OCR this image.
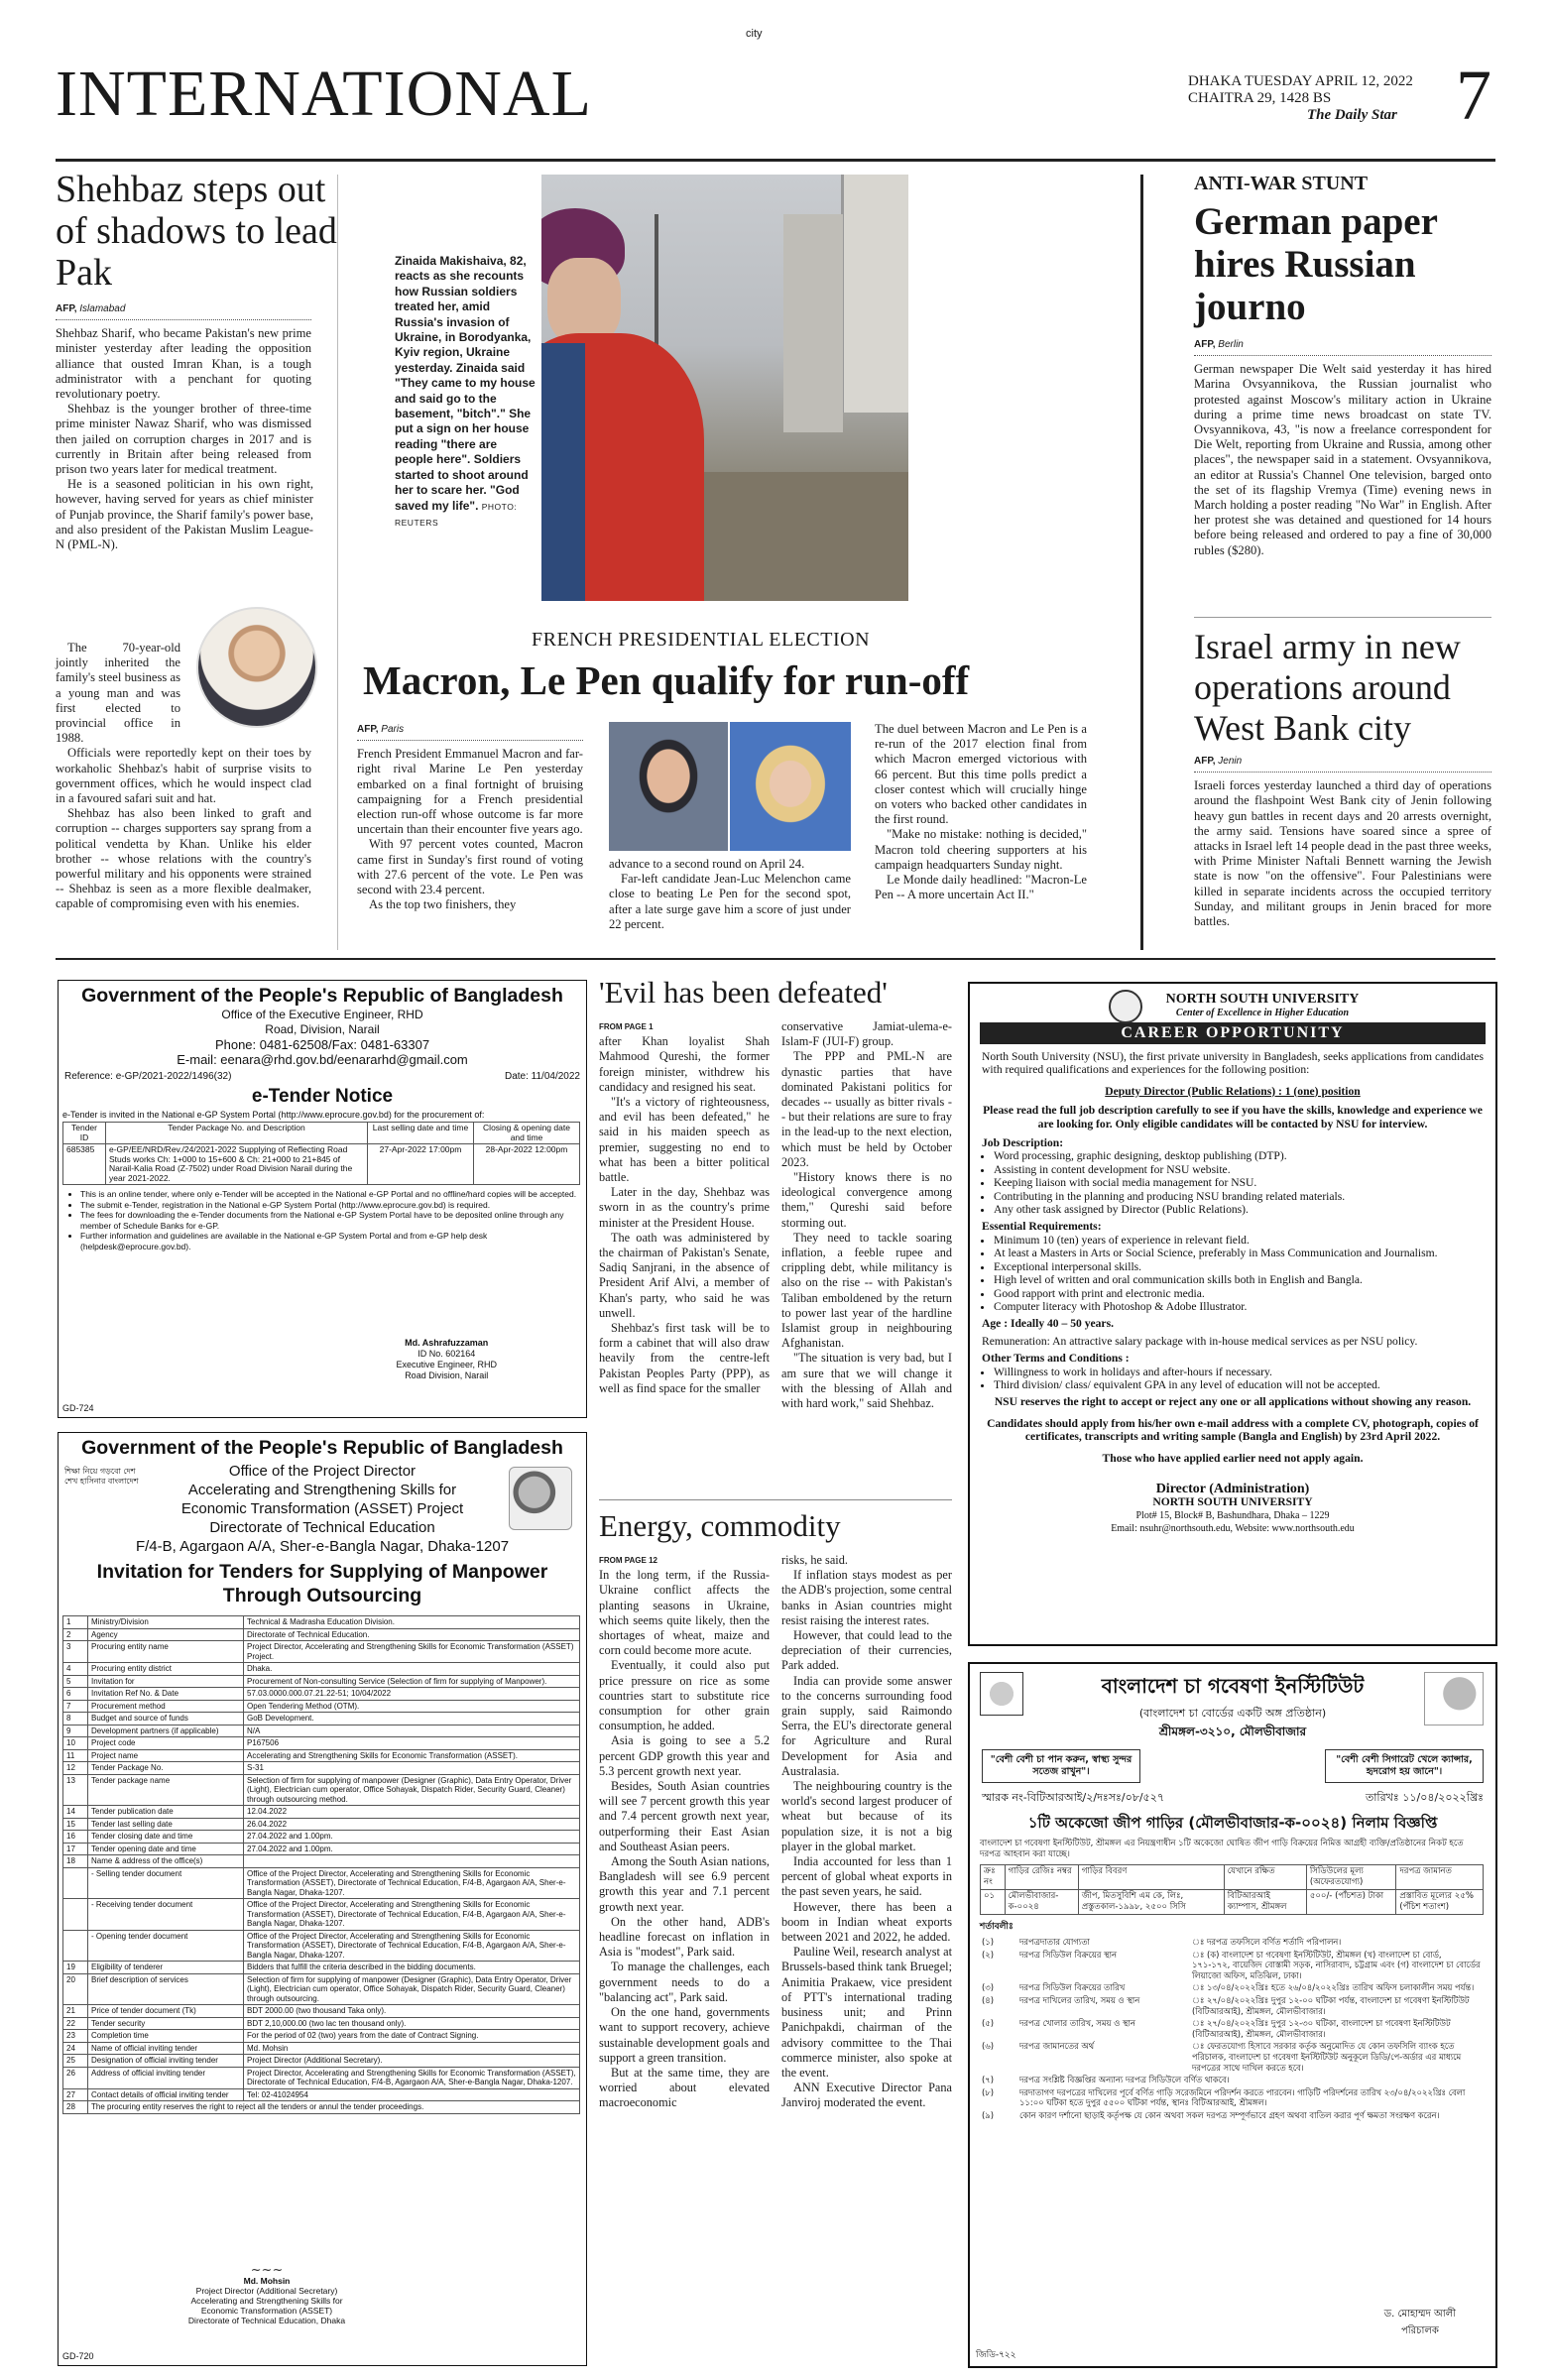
city
INTERNATIONAL	DHAKA TUESDAY APRIL 12, 2022
CHAITRA 29, 1428 BS
The Daily Star 7
Shehbaz steps out of shadows to lead Pak
AFP, Islamabad

Shehbaz Sharif, who became Pakistan's new prime minister yesterday after leading the opposition alliance that ousted Imran Khan, is a tough administrator with a penchant for quoting revolutionary poetry.

Shehbaz is the younger brother of three-time prime minister Nawaz Sharif, who was dismissed then jailed on corruption charges in 2017 and is currently in Britain after being released from prison two years later for medical treatment.

He is a seasoned politician in his own right, however, having served for years as chief minister of Punjab province, the Sharif family's power base, and also president of the Pakistan Muslim League-N (PML-N).

The 70-year-old jointly inherited the family's steel business as a young man and was first elected to provincial office in 1988.

Officials were reportedly kept on their toes by workaholic Shehbaz's habit of surprise visits to government offices, which he would inspect clad in a favoured safari suit and hat.

Shehbaz has also been linked to graft and corruption -- charges supporters say sprang from a political vendetta by Khan. Unlike his elder brother -- whose relations with the country's powerful military and his opponents were strained -- Shehbaz is seen as a more flexible dealmaker, capable of compromising even with his enemies.

Zinaida Makishaiva, 82, reacts as she recounts how Russian soldiers treated her, amid Russia's invasion of Ukraine, in Borodyanka, Kyiv region, Ukraine yesterday. Zinaida said "They came to my house and said go to the basement, "bitch"." She put a sign on her house reading "there are people here". Soldiers started to shoot around her to scare her. "God saved my life". PHOTO: REUTERS
FRENCH PRESIDENTIAL ELECTION
Macron, Le Pen qualify for run-off
AFP, Paris

French President Emmanuel Macron and far-right rival Marine Le Pen yesterday embarked on a final fortnight of bruising campaigning for a French presidential election run-off whose outcome is far more uncertain than their encounter five years ago.

With 97 percent votes counted, Macron came first in Sunday's first round of voting with 27.6 percent of the vote. Le Pen was second with 23.4 percent.

As the top two finishers, they

advance to a second round on April 24.

Far-left candidate Jean-Luc Melenchon came close to beating Le Pen for the second spot, after a late surge gave him a score of just under 22 percent.

The duel between Macron and Le Pen is a re-run of the 2017 election final from which Macron emerged victorious with 66 percent. But this time polls predict a closer contest which will crucially hinge on voters who backed other candidates in the first round.

"Make no mistake: nothing is decided," Macron told cheering supporters at his campaign headquarters Sunday night.

Le Monde daily headlined: "Macron-Le Pen -- A more uncertain Act II."

ANTI-WAR STUNT
German paper hires Russian journo
AFP, Berlin

German newspaper Die Welt said yesterday it has hired Marina Ovsyannikova, the Russian journalist who protested against Moscow's military action in Ukraine during a prime time news broadcast on state TV. Ovsyannikova, 43, "is now a freelance correspondent for Die Welt, reporting from Ukraine and Russia, among other places", the newspaper said in a statement. Ovsyannikova, an editor at Russia's Channel One television, barged onto the set of its flagship Vremya (Time) evening news in March holding a poster reading "No War" in English. After her protest she was detained and questioned for 14 hours before being released and ordered to pay a fine of 30,000 rubles ($280).

Israel army in new operations around West Bank city
AFP, Jenin

Israeli forces yesterday launched a third day of operations around the flashpoint West Bank city of Jenin following heavy gun battles in recent days and 20 arrests overnight, the army said. Tensions have soared since a spree of attacks in Israel left 14 people dead in the past three weeks, with Prime Minister Naftali Bennett warning the Jewish state is now "on the offensive". Four Palestinians were killed in separate incidents across the occupied territory Sunday, and militant groups in Jenin braced for more battles.

Government of the People's Republic of Bangladesh
Office of the Executive Engineer, RHD
Road, Division, Narail
Phone: 0481-62508/Fax: 0481-63307
E-mail: eenara@rhd.gov.bd/eenararhd@gmail.com
Reference: e-GP/2021-2022/1496(32)	Date: 11/04/2022
e-Tender Notice
e-Tender is invited in the National e-GP System Portal (http://www.eprocure.gov.bd) for the procurement of:
Tender ID	Tender Package No. and Description	Last selling date and time	Closing & opening date and time
685385	e-GP/EE/NRD/Rev./24/2021-2022 Supplying of Reflecting Road Studs works Ch: 1+000 to 15+600 & Ch: 21+000 to 21+845 of Narail-Kalia Road (Z-7502) under Road Division Narail during the year 2021-2022.	27-Apr-2022 17:00pm	28-Apr-2022 12:00pm
• This is an online tender, where only e-Tender will be accepted in the National e-GP Portal and no offline/hard copies will be accepted.
• The submit e-Tender, registration in the National e-GP System Portal (http://www.eprocure.gov.bd) is required.
• The fees for downloading the e-Tender documents from the National e-GP System Portal have to be deposited online through any member of Schedule Banks for e-GP.
• Further information and guidelines are available in the National e-GP System Portal and from e-GP help desk (helpdesk@eprocure.gov.bd).
Md. Ashrafuzzaman
ID No. 602164
Executive Engineer, RHD
Road Division, Narail
GD-724
Government of the People's Republic of Bangladesh
শিক্ষা নিয়ে গড়বো দেশ শেখ হাসিনার বাংলাদেশ
Office of the Project Director
Accelerating and Strengthening Skills for
Economic Transformation (ASSET) Project
Directorate of Technical Education
F/4-B, Agargaon A/A, Sher-e-Bangla Nagar, Dhaka-1207
Invitation for Tenders for Supplying of Manpower
Through Outsourcing
1	Ministry/Division	Technical & Madrasha Education Division.
2	Agency	Directorate of Technical Education.
3	Procuring entity name	Project Director, Accelerating and Strengthening Skills for Economic Transformation (ASSET) Project.
4	Procuring entity district	Dhaka.
5	Invitation for	Procurement of Non-consulting Service (Selection of firm for supplying of Manpower).
6	Invitation Ref No. & Date	57.03.0000.000.07.21.22-51; 10/04/2022
7	Procurement method	Open Tendering Method (OTM).
8	Budget and source of funds	GoB Development.
9	Development partners (if applicable)	N/A
10	Project code	P167506
11	Project name	Accelerating and Strengthening Skills for Economic Transformation (ASSET).
12	Tender Package No.	S-31
13	Tender package name	Selection of firm for supplying of manpower (Designer (Graphic), Data Entry Operator, Driver (Light), Electrician cum operator, Office Sohayak, Dispatch Rider, Security Guard, Cleaner) through outsourcing method.
14	Tender publication date	12.04.2022
15	Tender last selling date	26.04.2022
16	Tender closing date and time	27.04.2022 and 1.00pm.
17	Tender opening date and time	27.04.2022 and 1.00pm.
18	Name & address of the office(s)	
	- Selling tender document	Office of the Project Director, Accelerating and Strengthening Skills for Economic Transformation (ASSET), Directorate of Technical Education, F/4-B, Agargaon A/A, Sher-e-Bangla Nagar, Dhaka-1207.
	- Receiving tender document	Office of the Project Director, Accelerating and Strengthening Skills for Economic Transformation (ASSET), Directorate of Technical Education, F/4-B, Agargaon A/A, Sher-e-Bangla Nagar, Dhaka-1207.
	- Opening tender document	Office of the Project Director, Accelerating and Strengthening Skills for Economic Transformation (ASSET), Directorate of Technical Education, F/4-B, Agargaon A/A, Sher-e-Bangla Nagar, Dhaka-1207.
19	Eligibility of tenderer	Bidders that fulfill the criteria described in the bidding documents.
20	Brief description of services	Selection of firm for supplying of manpower (Designer (Graphic), Data Entry Operator, Driver (Light), Electrician cum operator, Office Sohayak, Dispatch Rider, Security Guard, Cleaner) through outsourcing.
21	Price of tender document (Tk)	BDT 2000.00 (two thousand Taka only).
22	Tender security	BDT 2,10,000.00 (two lac ten thousand only).
23	Completion time	For the period of 02 (two) years from the date of Contract Signing.
24	Name of official inviting tender	Md. Mohsin
25	Designation of official inviting tender	Project Director (Additional Secretary).
26	Address of official inviting tender	Project Director, Accelerating and Strengthening Skills for Economic Transformation (ASSET), Directorate of Technical Education, F/4-B, Agargaon A/A, Sher-e-Bangla Nagar, Dhaka-1207.
27	Contact details of official inviting tender	Tel: 02-41024954
28	The procuring entity reserves the right to reject all the tenders or annul the tender proceedings.	
~~~
Md. Mohsin
Project Director (Additional Secretary)
Accelerating and Strengthening Skills for
Economic Transformation (ASSET)
Directorate of Technical Education, Dhaka
GD-720
'Evil has been defeated'
FROM PAGE 1

after Khan loyalist Shah Mahmood Qureshi, the former foreign minister, withdrew his candidacy and resigned his seat.

"It's a victory of righteousness, and evil has been defeated," he said in his maiden speech as premier, suggesting no end to what has been a bitter political battle.

Later in the day, Shehbaz was sworn in as the country's prime minister at the President House.

The oath was administered by the chairman of Pakistan's Senate, Sadiq Sanjrani, in the absence of President Arif Alvi, a member of Khan's party, who said he was unwell.

Shehbaz's first task will be to form a cabinet that will also draw heavily from the centre-left Pakistan Peoples Party (PPP), as well as find space for the smaller

conservative Jamiat-ulema-e-Islam-F (JUI-F) group.

The PPP and PML-N are dynastic parties that have dominated Pakistani politics for decades -- usually as bitter rivals -- but their relations are sure to fray in the lead-up to the next election, which must be held by October 2023.

"History knows there is no ideological convergence among them," Qureshi said before storming out.

They need to tackle soaring inflation, a feeble rupee and crippling debt, while militancy is also on the rise -- with Pakistan's Taliban emboldened by the return to power last year of the hardline Islamist group in neighbouring Afghanistan.

"The situation is very bad, but I am sure that we will change it with the blessing of Allah and with hard work," said Shehbaz.

Energy, commodity
FROM PAGE 12

In the long term, if the Russia-Ukraine conflict affects the planting seasons in Ukraine, which seems quite likely, then the shortages of wheat, maize and corn could become more acute.

Eventually, it could also put price pressure on rice as some countries start to substitute rice consumption for other grain consumption, he added.

Asia is going to see a 5.2 percent GDP growth this year and 5.3 percent growth next year.

Besides, South Asian countries will see 7 percent growth this year and 7.4 percent growth next year, outperforming their East Asian and Southeast Asian peers.

Among the South Asian nations, Bangladesh will see 6.9 percent growth this year and 7.1 percent growth next year.

On the other hand, ADB's headline forecast on inflation in Asia is "modest", Park said.

To manage the challenges, each government needs to do a "balancing act", Park said.

On the one hand, governments want to support recovery, achieve sustainable development goals and support a green transition.

But at the same time, they are worried about elevated macroeconomic

risks, he said.

If inflation stays modest as per the ADB's projection, some central banks in Asian countries might resist raising the interest rates.

However, that could lead to the depreciation of their currencies, Park added.

India can provide some answer to the concerns surrounding food grain supply, said Raimondo Serra, the EU's directorate general for Agriculture and Rural Development for Asia and Australasia.

The neighbouring country is the world's second largest producer of wheat but because of its population size, it is not a big player in the global market.

India accounted for less than 1 percent of global wheat exports in the past seven years, he said.

However, there has been a boom in Indian wheat exports between 2021 and 2022, he added.

Pauline Weil, research analyst at Brussels-based think tank Bruegel; Animitia Prakaew, vice president of PTT's international trading business unit; and Prinn Panichpakdi, chairman of the advisory committee to the Thai commerce minister, also spoke at the event.

ANN Executive Director Pana Janviroj moderated the event.

NORTH SOUTH UNIVERSITY
Center of Excellence in Higher Education
CAREER OPPORTUNITY
North South University (NSU), the first private university in Bangladesh, seeks applications from candidates with required qualifications and experiences for the following position:
Deputy Director (Public Relations) : 1 (one) position
Please read the full job description carefully to see if you have the skills, knowledge and experience we are looking for. Only eligible candidates will be contacted by NSU for interview.
Job Description:
• Word processing, graphic designing, desktop publishing (DTP).
• Assisting in content development for NSU website.
• Keeping liaison with social media management for NSU.
• Contributing in the planning and producing NSU branding related materials.
• Any other task assigned by Director (Public Relations).
Essential Requirements:
• Minimum 10 (ten) years of experience in relevant field.
• At least a Masters in Arts or Social Science, preferably in Mass Communication and Journalism.
• Exceptional interpersonal skills.
• High level of written and oral communication skills both in English and Bangla.
• Good rapport with print and electronic media.
• Computer literacy with Photoshop & Adobe Illustrator.
Age : Ideally 40 – 50 years.
Remuneration: An attractive salary package with in-house medical services as per NSU policy.
Other Terms and Conditions :
• Willingness to work in holidays and after-hours if necessary.
• Third division/ class/ equivalent GPA in any level of education will not be accepted.
NSU reserves the right to accept or reject any one or all applications without showing any reason.
Candidates should apply from his/her own e-mail address with a complete CV, photograph, copies of certificates, transcripts and writing sample (Bangla and English) by 23rd April 2022.
Those who have applied earlier need not apply again.
Director (Administration)
NORTH SOUTH UNIVERSITY
Plot# 15, Block# B, Bashundhara, Dhaka – 1229
Email: nsuhr@northsouth.edu, Website: www.northsouth.edu
বাংলাদেশ চা গবেষণা ইনস্টিটিউট
(বাংলাদেশ চা বোর্ডের একটি অঙ্গ প্রতিষ্ঠান)
শ্রীমঙ্গল-৩২১০, মৌলভীবাজার
"বেশী বেশী চা পান করুন, স্বাস্থ্য সুন্দর সতেজ রাখুন"।
"বেশী বেশী সিগারেট খেলে ক্যান্সার, হৃদরোগ হয় জানে"।
স্মারক নং-বিটিআরআই/২/দঃসঃ/০৮/৫২৭	তারিখঃ ১১/০৪/২০২২খ্রিঃ
১টি অকেজো জীপ গাড়ির (মৌলভীবাজার-ক-০০২৪) নিলাম বিজ্ঞপ্তি
বাংলাদেশ চা গবেষণা ইনস্টিটিউট, শ্রীমঙ্গল এর নিয়ন্ত্রণাধীন ১টি অকেজো ঘোষিত জীপ গাড়ি বিক্রয়ের নিমিত্ত আগ্রহী ব্যক্তি/প্রতিষ্ঠানের নিকট হতে দরপত্র আহবান করা যাচ্ছে।
ক্রঃ নং	গাড়ির রেজিঃ নম্বর	গাড়ির বিবরণ	যেখানে রক্ষিত	সিডিউলের মূল্য (অফেরতযোগ্য)	দরপত্র জামানত
০১	মৌলভীবাজার-ক-০০২৪	জীপ, মিতসুবিশি এম কে, লিঃ, প্রস্তুতকাল-১৯৯৮, ২৫০০ সিসি	বিটিআরআই ক্যাম্পাস, শ্রীমঙ্গল	৫০০/- (পাঁচশত) টাকা	প্রস্তাবিত মূল্যের ২৫% (পঁচিশ শতাংশ)
শর্তাবলীঃ
(১)	দরপত্রদাতার যোগ্যতা	ঃ দরপত্র তফসিলে বর্ণিত শর্তাদি পরিপালন।
(২)	দরপত্র সিডিউল বিক্রয়ের স্থান	ঃ (ক) বাংলাদেশ চা গবেষণা ইনস্টিটিউট, শ্রীমঙ্গল (খ) বাংলাদেশ চা বোর্ড, ১৭১-১৭২, বায়েজিদ বোস্তামী সড়ক, নাসিরাবাদ, চট্টগ্রাম এবং (গ) বাংলাদেশ চা বোর্ডের লিয়াজো অফিস, মতিঝিল, ঢাকা।
(৩)	দরপত্র সিডিউল বিক্রয়ের তারিখ	ঃ ১৩/০৪/২০২২খ্রিঃ হতে ২৬/০৪/২০২২খ্রিঃ তারিখ অফিস চলাকালীন সময় পর্যন্ত।
(৪)	দরপত্র দাখিলের তারিখ, সময় ও স্থান	ঃ ২৭/০৪/২০২২খ্রিঃ দুপুর ১২-০০ ঘটিকা পর্যন্ত, বাংলাদেশ চা গবেষণা ইনস্টিটিউট (বিটিআরআই), শ্রীমঙ্গল, মৌলভীবাজার।
(৫)	দরপত্র খোলার তারিখ, সময় ও স্থান	ঃ ২৭/০৪/২০২২খ্রিঃ দুপুর ১২-৩০ ঘটিকা, বাংলাদেশ চা গবেষণা ইনস্টিটিউট (বিটিআরআই), শ্রীমঙ্গল, মৌলভীবাজার।
(৬)	দরপত্র জামানতের অর্থ	ঃ ফেরতযোগ্য হিসাবে সরকার কর্তৃক অনুমোদিত যে কোন তফসিলি ব্যাংক হতে পরিচালক, বাংলাদেশ চা গবেষণা ইনস্টিটিউট অনুকূলে ডিডি/পে-অর্ডার এর মাধ্যমে দরপত্রের সাথে দাখিল করতে হবে।
(৭)	দরপত্র সংশ্লিষ্ট বিজ্ঞপ্তির অন্যান্য দরপত্র সিডিউলে বর্ণিত থাকবে।	
(৮)	দরদাতাগণ দরপত্রের দাখিলের পূর্বে বর্ণিত গাড়ি সরেজমিনে পরিদর্শন করতে পারবেন। গাড়িটি পরিদর্শনের তারিখ ২৩/০৪/২০২২খ্রিঃ বেলা ১১:০০ ঘটিকা হতে দুপুর ৫৫০০ ঘটিকা পর্যন্ত, স্থানঃ বিটিআরআই, শ্রীমঙ্গল।	
(৯)	কোন কারণ দর্শানো ছাড়াই কর্তৃপক্ষ যে কোন অথবা সকল দরপত্র সম্পূর্ণভাবে গ্রহণ অথবা বাতিল করার পূর্ণ ক্ষমতা সংরক্ষণ করেন।	
ড. মোহাম্মদ আলী
পরিচালক
জিডি-৭২২
